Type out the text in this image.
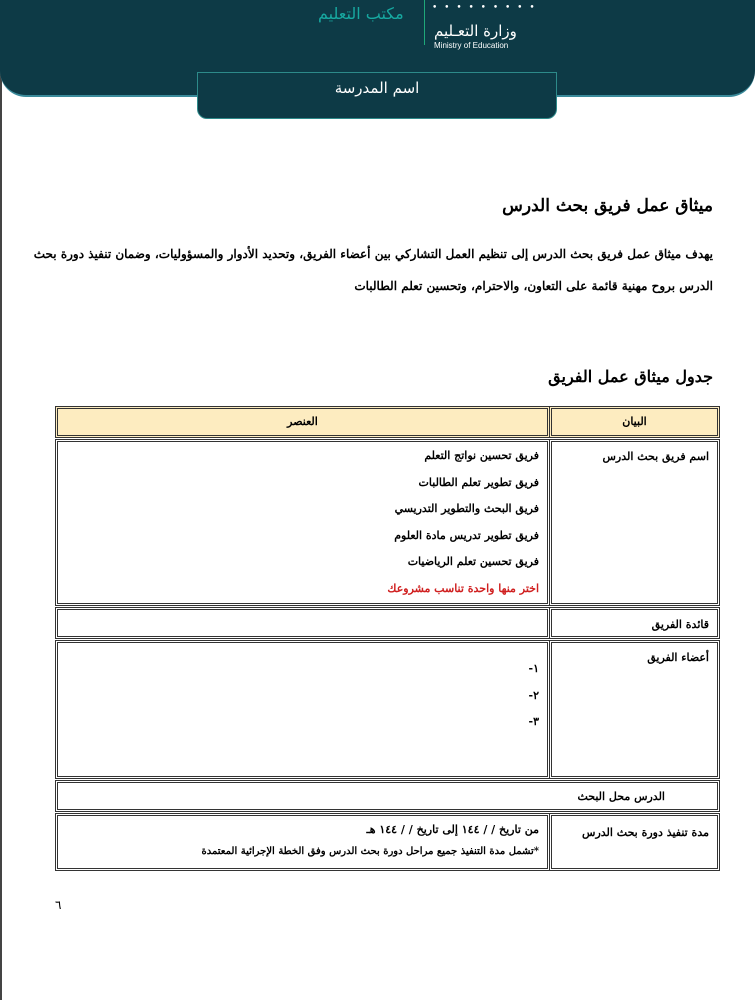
مكتب التعليم	• • • • • • • • •
وزارة التعـليم
Ministry of Education
اسم المدرسة
ميثاق عمل فريق بحث الدرس
يهدف ميثاق عمل فريق بحث الدرس إلى تنظيم العمل التشاركي بين أعضاء الفريق، وتحديد الأدوار والمسؤوليات، وضمان تنفيذ دورة بحث الدرس بروح مهنية قائمة على التعاون، والاحترام، وتحسين تعلم الطالبات
جدول ميثاق عمل الفريق
البيان
العنصر
اسم فريق بحث الدرس
فريق تحسين نواتج التعلم
فريق تطوير تعلم الطالبات
فريق البحث والتطوير التدريسي
فريق تطوير تدريس مادة العلوم
فريق تحسين تعلم الرياضيات
اختر منها واحدة تناسب مشروعك
قائدة الفريق
أعضاء الفريق
١-
٢-
٣-
الدرس محل البحث
مدة تنفيذ دورة بحث الدرس
من تاريخ / / ١٤٤ إلى تاريخ / / ١٤٤ هـ
*تشمل مدة التنفيذ جميع مراحل دورة بحث الدرس وفق الخطة الإجرائية المعتمدة
٦
